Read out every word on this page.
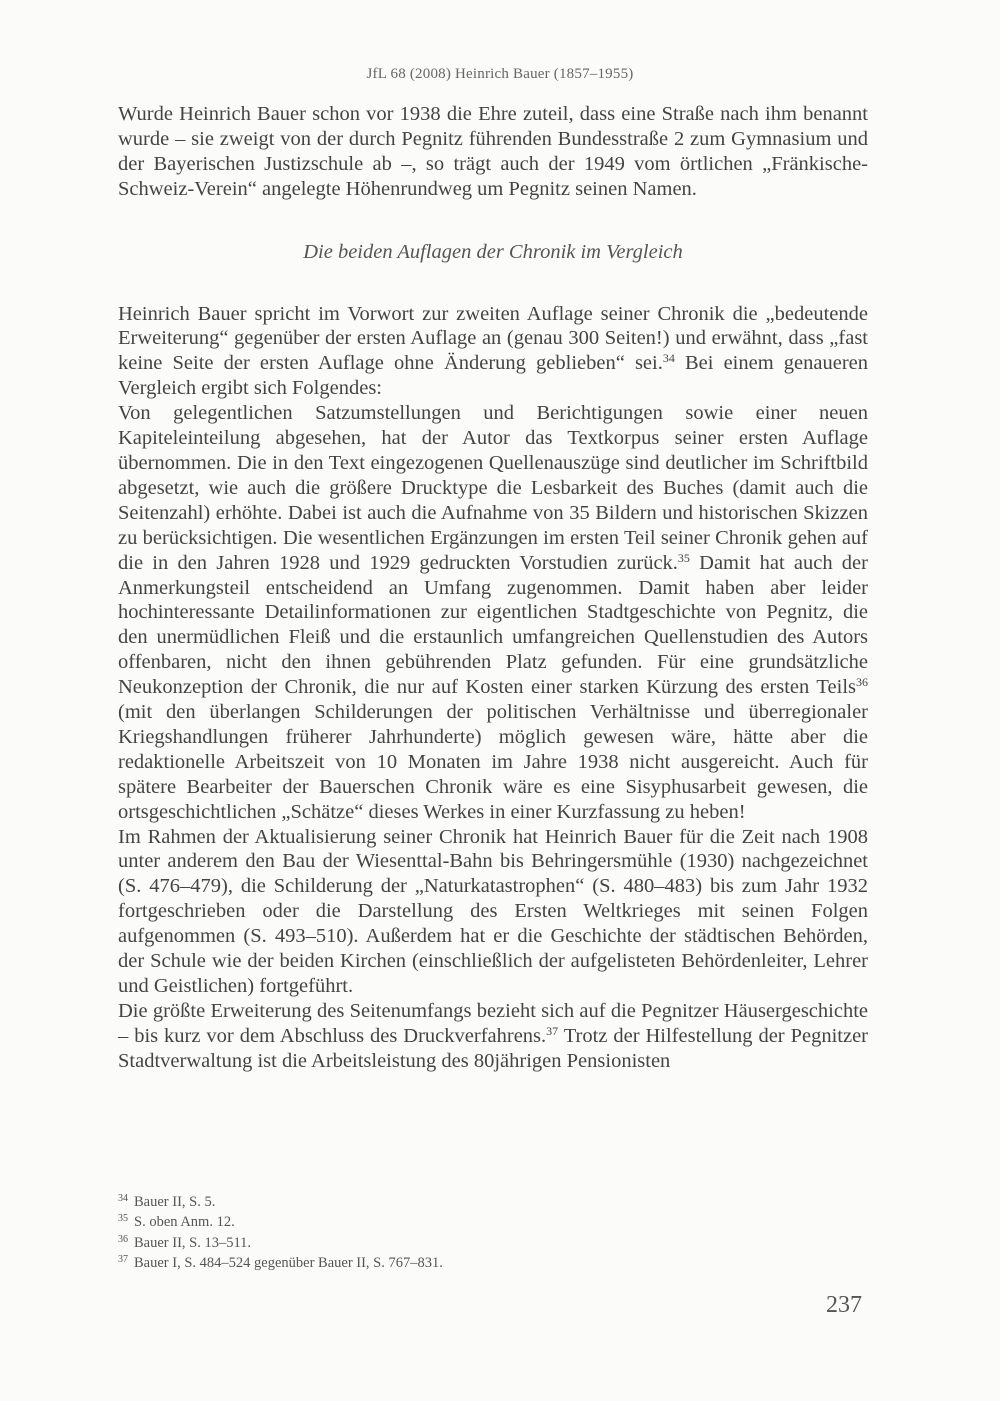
JfL 68 (2008) Heinrich Bauer (1857–1955)

Wurde Heinrich Bauer schon vor 1938 die Ehre zuteil, dass eine Straße nach ihm benannt wurde – sie zweigt von der durch Pegnitz führenden Bundesstraße 2 zum Gymnasium und der Bayerischen Justizschule ab –, so trägt auch der 1949 vom örtlichen „Fränkische-Schweiz-Verein“ angelegte Höhenrundweg um Pegnitz seinen Namen.

Die beiden Auflagen der Chronik im Vergleich

Heinrich Bauer spricht im Vorwort zur zweiten Auflage seiner Chronik die „bedeutende Erweiterung“ gegenüber der ersten Auflage an (genau 300 Seiten!) und erwähnt, dass „fast keine Seite der ersten Auflage ohne Änderung geblieben“ sei.$^{34}$ Bei einem genaueren Vergleich ergibt sich Folgendes:

Von gelegentlichen Satzumstellungen und Berichtigungen sowie einer neuen Kapiteleinteilung abgesehen, hat der Autor das Textkorpus seiner ersten Auflage übernommen. Die in den Text eingezogenen Quellenauszüge sind deutlicher im Schriftbild abgesetzt, wie auch die größere Drucktype die Lesbarkeit des Buches (damit auch die Seitenzahl) erhöhte. Dabei ist auch die Aufnahme von 35 Bildern und historischen Skizzen zu berücksichtigen. Die wesentlichen Ergänzungen im ersten Teil seiner Chronik gehen auf die in den Jahren 1928 und 1929 gedruckten Vorstudien zurück.$^{35}$ Damit hat auch der Anmerkungsteil entscheidend an Umfang zugenommen. Damit haben aber leider hochinteressante Detailinformationen zur eigentlichen Stadtgeschichte von Pegnitz, die den unermüdlichen Fleiß und die erstaunlich umfangreichen Quellenstudien des Autors offenbaren, nicht den ihnen gebührenden Platz gefunden. Für eine grundsätzliche Neukonzeption der Chronik, die nur auf Kosten einer starken Kürzung des ersten Teils$^{36}$ (mit den überlangen Schilderungen der politischen Verhältnisse und überregionaler Kriegshandlungen früherer Jahrhunderte) möglich gewesen wäre, hätte aber die redaktionelle Arbeitszeit von 10 Monaten im Jahre 1938 nicht ausgereicht. Auch für spätere Bearbeiter der Bauerschen Chronik wäre es eine Sisyphusarbeit gewesen, die ortsgeschichtlichen „Schätze“ dieses Werkes in einer Kurzfassung zu heben!

Im Rahmen der Aktualisierung seiner Chronik hat Heinrich Bauer für die Zeit nach 1908 unter anderem den Bau der Wiesenttal-Bahn bis Behringersmühle (1930) nachgezeichnet (S. 476–479), die Schilderung der „Naturkatastrophen“ (S. 480–483) bis zum Jahr 1932 fortgeschrieben oder die Darstellung des Ersten Weltkrieges mit seinen Folgen aufgenommen (S. 493–510). Außerdem hat er die Geschichte der städtischen Behörden, der Schule wie der beiden Kirchen (einschließlich der aufgelisteten Behördenleiter, Lehrer und Geistlichen) fortgeführt.

Die größte Erweiterung des Seitenumfangs bezieht sich auf die Pegnitzer Häusergeschichte – bis kurz vor dem Abschluss des Druckverfahrens.$^{37}$ Trotz der Hilfestellung der Pegnitzer Stadtverwaltung ist die Arbeitsleistung des 80jährigen Pensionisten

$^{34}$ Bauer II, S. 5.

$^{35}$ S. oben Anm. 12.

$^{36}$ Bauer II, S. 13–511.

$^{37}$ Bauer I, S. 484–524 gegenüber Bauer II, S. 767–831.

237
